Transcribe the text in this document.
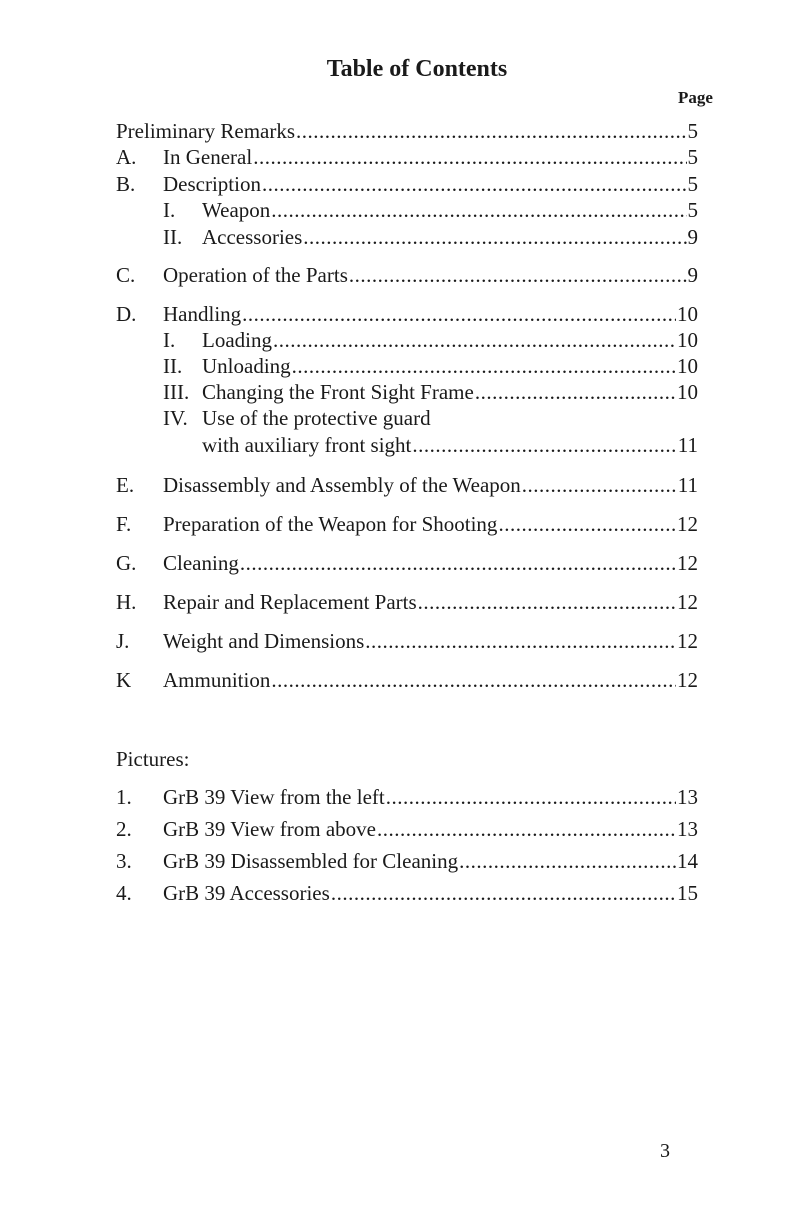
Table of Contents
Page
Preliminary Remarks .....	5
A.	In General .....	5
B.	Description .....	5
I.	Weapon .....	5
II. Accessories .....	9
C.	Operation of the Parts .....	9
D.	Handling .....	10
I.	Loading .....	10
II. Unloading .....	10
III. Changing the Front Sight Frame .....	10
IV. Use of the protective guard
with auxiliary front sight .....	11
E.	Disassembly and Assembly of the Weapon .....	11
F.	Preparation of the Weapon for Shooting .....	12
G.	Cleaning .....	12
H.	Repair and Replacement Parts .....	12
J.	Weight and Dimensions .....	12
K	Ammunition .....	12
Pictures:
1.	GrB 39 View from the left .....	13
2.	GrB 39 View from above .....	13
3.	GrB 39 Disassembled for Cleaning .....	14
4.	GrB 39 Accessories .....	15
3
